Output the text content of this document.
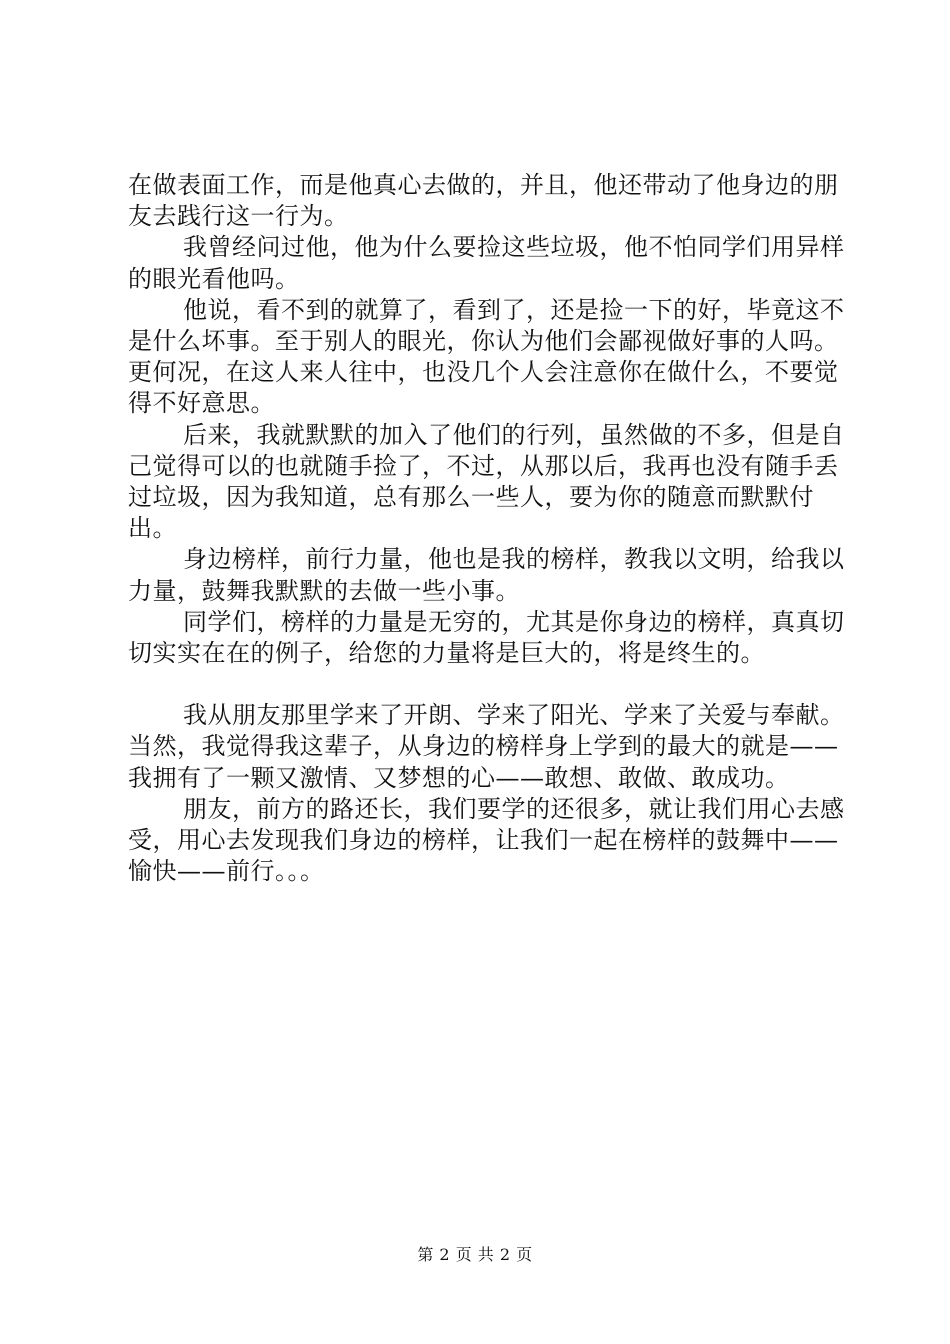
在做表面工作，而是他真心去做的，并且，他还带动了他身边的朋友去践行这一行为。

我曾经问过他，他为什么要捡这些垃圾，他不怕同学们用异样的眼光看他吗。

他说，看不到的就算了，看到了，还是捡一下的好，毕竟这不是什么坏事。至于别人的眼光，你认为他们会鄙视做好事的人吗。更何况，在这人来人往中，也没几个人会注意你在做什么，不要觉得不好意思。

后来，我就默默的加入了他们的行列，虽然做的不多，但是自己觉得可以的也就随手捡了，不过，从那以后，我再也没有随手丢过垃圾，因为我知道，总有那么一些人，要为你的随意而默默付出。

身边榜样，前行力量，他也是我的榜样，教我以文明，给我以力量，鼓舞我默默的去做一些小事。

同学们，榜样的力量是无穷的，尤其是你身边的榜样，真真切切实实在在的例子，给您的力量将是巨大的，将是终生的。

我从朋友那里学来了开朗、学来了阳光、学来了关爱与奉献。当然，我觉得我这辈子，从身边的榜样身上学到的最大的就是——我拥有了一颗又激情、又梦想的心——敢想、敢做、敢成功。

朋友，前方的路还长，我们要学的还很多，就让我们用心去感受，用心去发现我们身边的榜样，让我们一起在榜样的鼓舞中——愉快——前行。。。

第 2 页 共 2 页
